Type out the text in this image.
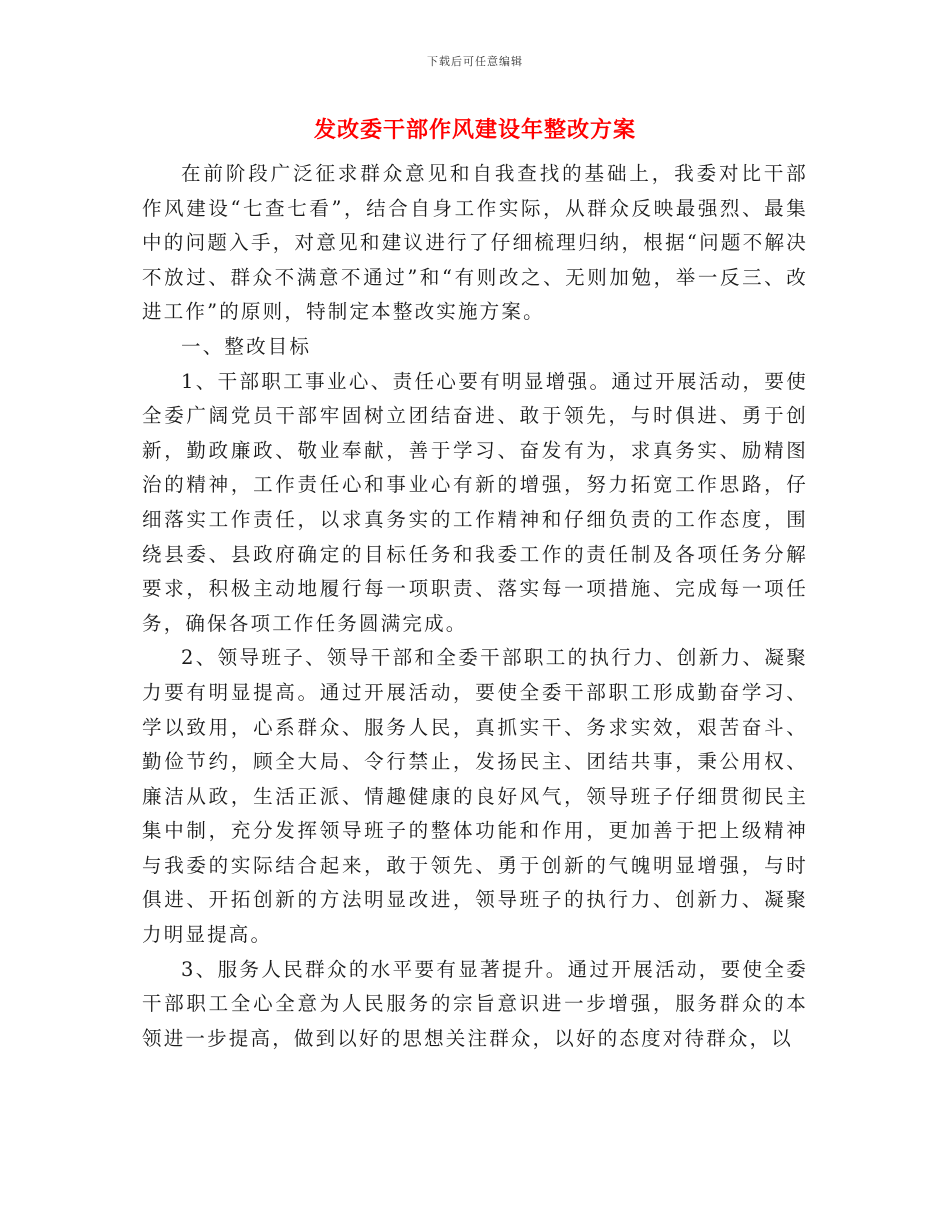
下载后可任意编辑
发改委干部作风建设年整改方案

在前阶段广泛征求群众意见和自我查找的基础上，我委对比干部作风建设“七查七看”，结合自身工作实际，从群众反映最强烈、最集中的问题入手，对意见和建议进行了仔细梳理归纳，根据“问题不解决不放过、群众不满意不通过”和“有则改之、无则加勉，举一反三、改进工作”的原则，特制定本整改实施方案。

一、整改目标

1、干部职工事业心、责任心要有明显增强。通过开展活动，要使全委广阔党员干部牢固树立团结奋进、敢于领先，与时俱进、勇于创新，勤政廉政、敬业奉献，善于学习、奋发有为，求真务实、励精图治的精神，工作责任心和事业心有新的增强，努力拓宽工作思路，仔细落实工作责任，以求真务实的工作精神和仔细负责的工作态度，围绕县委、县政府确定的目标任务和我委工作的责任制及各项任务分解要求，积极主动地履行每一项职责、落实每一项措施、完成每一项任务，确保各项工作任务圆满完成。

2、领导班子、领导干部和全委干部职工的执行力、创新力、凝聚力要有明显提高。通过开展活动，要使全委干部职工形成勤奋学习、学以致用，心系群众、服务人民，真抓实干、务求实效，艰苦奋斗、勤俭节约，顾全大局、令行禁止，发扬民主、团结共事，秉公用权、廉洁从政，生活正派、情趣健康的良好风气，领导班子仔细贯彻民主集中制，充分发挥领导班子的整体功能和作用，更加善于把上级精神与我委的实际结合起来，敢于领先、勇于创新的气魄明显增强，与时俱进、开拓创新的方法明显改进，领导班子的执行力、创新力、凝聚力明显提高。

3、服务人民群众的水平要有显著提升。通过开展活动，要使全委干部职工全心全意为人民服务的宗旨意识进一步增强，服务群众的本领进一步提高，做到以好的思想关注群众，以好的态度对待群众，以
